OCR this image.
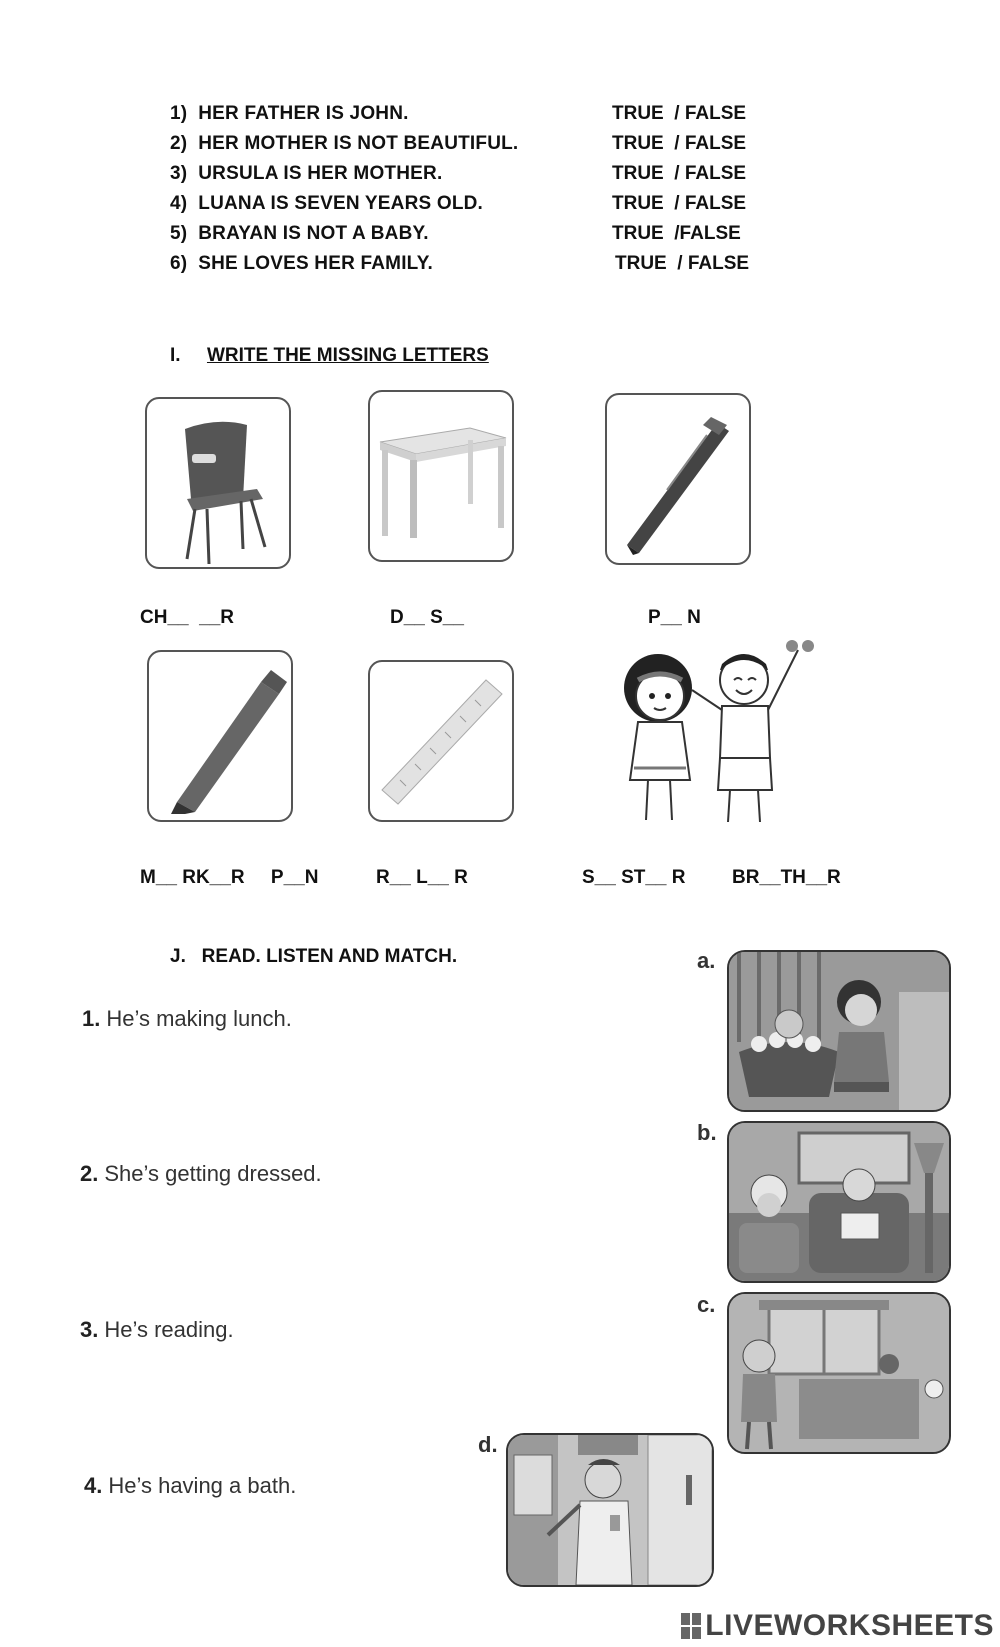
1) HER FATHER IS JOHN.	TRUE  / FALSE
2) HER MOTHER IS NOT BEAUTIFUL.	TRUE  / FALSE
3) URSULA IS HER MOTHER.	TRUE  / FALSE
4) LUANA IS SEVEN YEARS OLD.	TRUE  / FALSE
5) BRAYAN IS NOT A BABY.	TRUE  /FALSE
6) SHE LOVES HER FAMILY.	TRUE  / FALSE
I. WRITE THE MISSING LETTERS
CH__  __R	D__ S__	P__ N
M__ RK__R     P__N	R__ L__ R	S__ ST__ R BR__TH__R
J.   READ. LISTEN AND MATCH.
1. He’s making lunch.
2. She’s getting dressed.
3. He’s reading.
4. He’s having a bath.
a.
b.
c.
d.
LIVEWORKSHEETS
